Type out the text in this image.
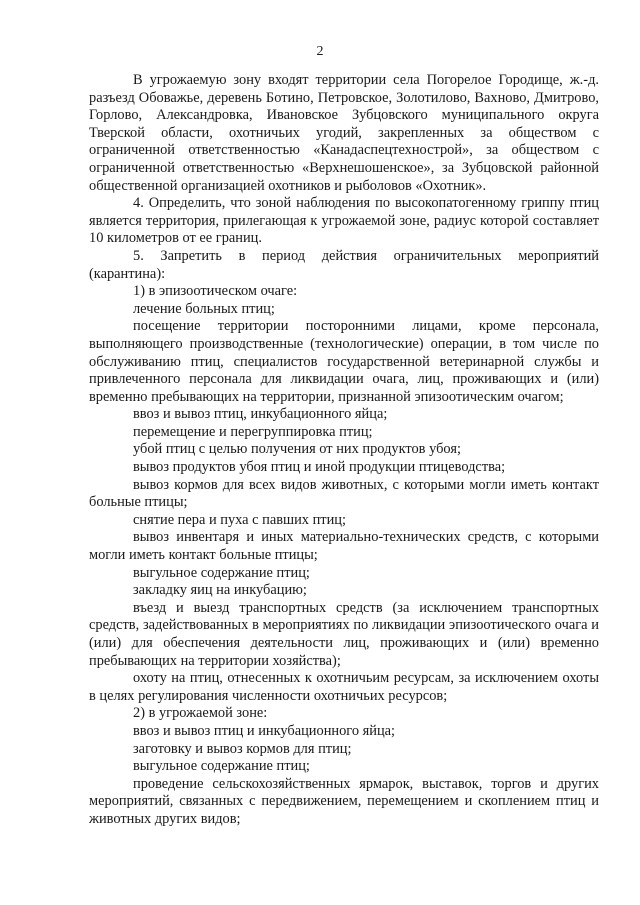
2

В угрожаемую зону входят территории села Погорелое Городище, ж.-д. разъезд Обоважье, деревень Ботино, Петровское, Золотилово, Вахново, Дмитрово, Горлово, Александровка, Ивановское Зубцовского муниципального округа Тверской области, охотничьих угодий, закрепленных за обществом с ограниченной ответственностью «Канадаспецтехнострой», за обществом с ограниченной ответственностью «Верхнешошенское», за Зубцовской районной общественной организацией охотников и рыболовов «Охотник».

4. Определить, что зоной наблюдения по высокопатогенному гриппу птиц является территория, прилегающая к угрожаемой зоне, радиус которой составляет 10 километров от ее границ.

5. Запретить в период действия ограничительных мероприятий (карантина):

1) в эпизоотическом очаге:

лечение больных птиц;

посещение территории посторонними лицами, кроме персонала, выполняющего производственные (технологические) операции, в том числе по обслуживанию птиц, специалистов государственной ветеринарной службы и привлеченного персонала для ликвидации очага, лиц, проживающих и (или) временно пребывающих на территории, признанной эпизоотическим очагом;

ввоз и вывоз птиц, инкубационного яйца;

перемещение и перегруппировка птиц;

убой птиц с целью получения от них продуктов убоя;

вывоз продуктов убоя птиц и иной продукции птицеводства;

вывоз кормов для всех видов животных, с которыми могли иметь контакт больные птицы;

снятие пера и пуха с павших птиц;

вывоз инвентаря и иных материально-технических средств, с которыми могли иметь контакт больные птицы;

выгульное содержание птиц;

закладку яиц на инкубацию;

въезд и выезд транспортных средств (за исключением транспортных средств, задействованных в мероприятиях по ликвидации эпизоотического очага и (или) для обеспечения деятельности лиц, проживающих и (или) временно пребывающих на территории хозяйства);

охоту на птиц, отнесенных к охотничьим ресурсам, за исключением охоты в целях регулирования численности охотничьих ресурсов;

2) в угрожаемой зоне:

ввоз и вывоз птиц и инкубационного яйца;

заготовку и вывоз кормов для птиц;

выгульное содержание птиц;

проведение сельскохозяйственных ярмарок, выставок, торгов и других мероприятий, связанных с передвижением, перемещением и скоплением птиц и животных других видов;
